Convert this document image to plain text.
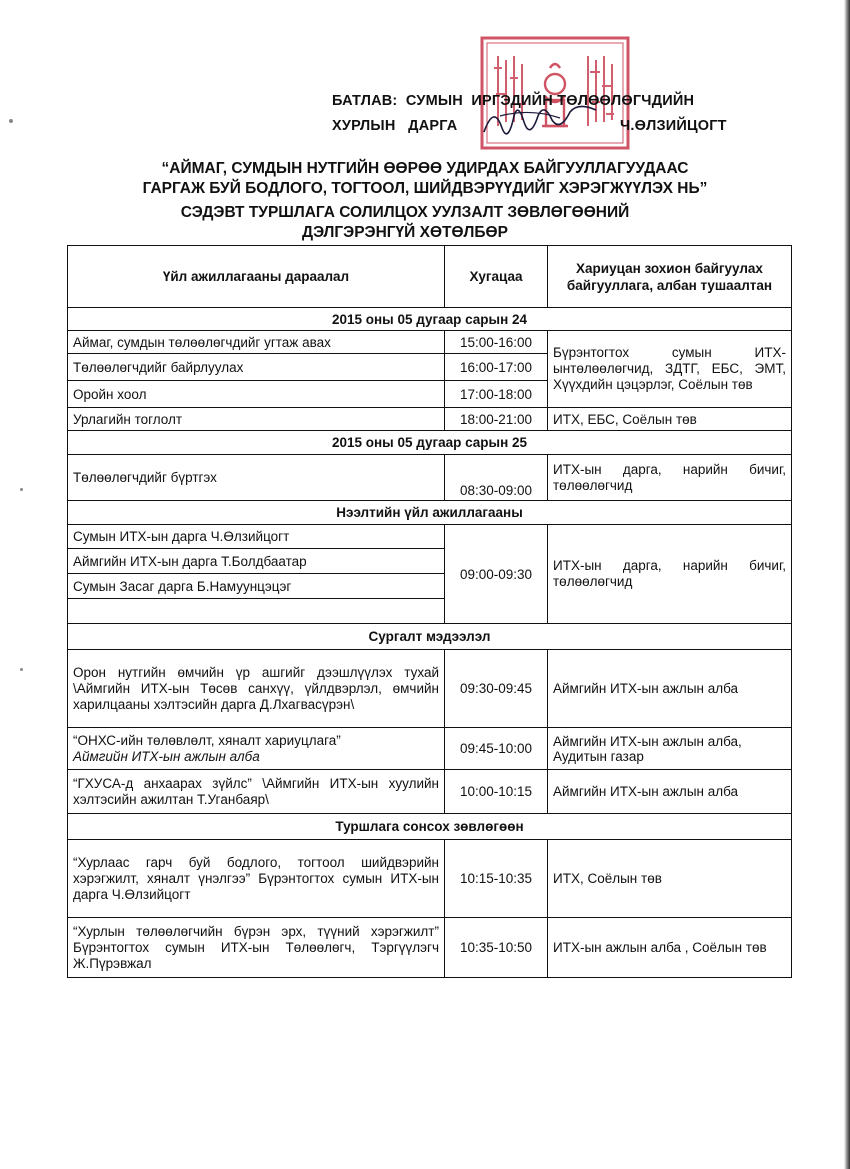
БАТЛАВ:  СУМЫН  ИРГЭДИЙН ТӨЛӨӨЛӨГЧДИЙН
ХУРЛЫН   ДАРГА	Ч.ӨЛЗИЙЦОГТ
“АЙМАГ, СУМДЫН НУТГИЙН ӨӨРӨӨ УДИРДАХ БАЙГУУЛЛАГУУДААС
ГАРГАЖ БУЙ БОДЛОГО, ТОГТООЛ, ШИЙДВЭРҮҮДИЙГ ХЭРЭГЖҮҮЛЭХ НЬ”
СЭДЭВТ ТУРШЛАГА СОЛИЛЦОХ УУЛЗАЛТ ЗӨВЛӨГӨӨНИЙ
ДЭЛГЭРЭНГҮЙ ХӨТӨЛБӨР
Үйл ажиллагааны дараалал	Хугацаа	Хариуцан зохион байгуулах байгууллага, албан тушаалтан
2015 оны 05 дугаар сарын 24		
Аймаг, сумдын төлөөлөгчдийг угтаж авах	15:00-16:00	Бүрэнтогтох сумын ИТХ-ынтөлөөлөгчид, ЗДТГ, ЕБС, ЭМТ, Хүүхдийн цэцэрлэг, Соёлын төв
Төлөөлөгчдийг байрлуулах	16:00-17:00	
Оройн хоол	17:00-18:00	
Урлагийн тоглолт	18:00-21:00	ИТХ, ЕБС, Соёлын төв
2015 оны 05 дугаар сарын 25		
Төлөөлөгчдийг бүртгэх	08:30-09:00	ИТХ-ын дарга, нарийн бичиг, төлөөлөгчид
Нээлтийн үйл ажиллагааны		
Сумын ИТХ-ын дарга Ч.Өлзийцогт	09:00-09:30	ИТХ-ын дарга, нарийн бичиг, төлөөлөгчид
Аймгийн ИТХ-ын дарга Т.Болдбаатар		
Сумын Засаг дарга Б.Намуунцэцэг		

Сургалт мэдээлэл		
Орон нутгийн өмчийн үр ашгийг дээшлүүлэх тухай \Аймгийн ИТХ-ын Төсөв санхүү, үйлдвэрлэл, өмчийн харилцааны хэлтэсийн дарга Д.Лхагвасүрэн\	09:30-09:45	Аймгийн ИТХ-ын ажлын алба
“ОНХС-ийн төлөвлөлт, хяналт хариуцлага”
Аймгийн ИТХ-ын ажлын алба	09:45-10:00	Аймгийн ИТХ-ын ажлын алба, Аудитын газар
“ГХУСА-д анхаарах зүйлс” \Аймгийн ИТХ-ын хуулийн хэлтэсийн ажилтан Т.Угaнбаяр\	10:00-10:15	Аймгийн ИТХ-ын ажлын алба
Туршлага сонсох зөвлөгөөн		
“Хурлаас гарч буй бодлого, тогтоол шийдвэрийн хэрэгжилт, хяналт үнэлгээ” Бүрэнтогтох сумын ИТХ-ын дарга Ч.Өлзийцогт	10:15-10:35	ИТХ, Соёлын төв
“Хурлын төлөөлөгчийн бүрэн эрх, түүний хэрэгжилт” Бүрэнтогтох сумын ИТХ-ын Төлөөлөгч, Тэргүүлэгч Ж.Пүрэвжал	10:35-10:50	ИТХ-ын ажлын алба , Соёлын төв
